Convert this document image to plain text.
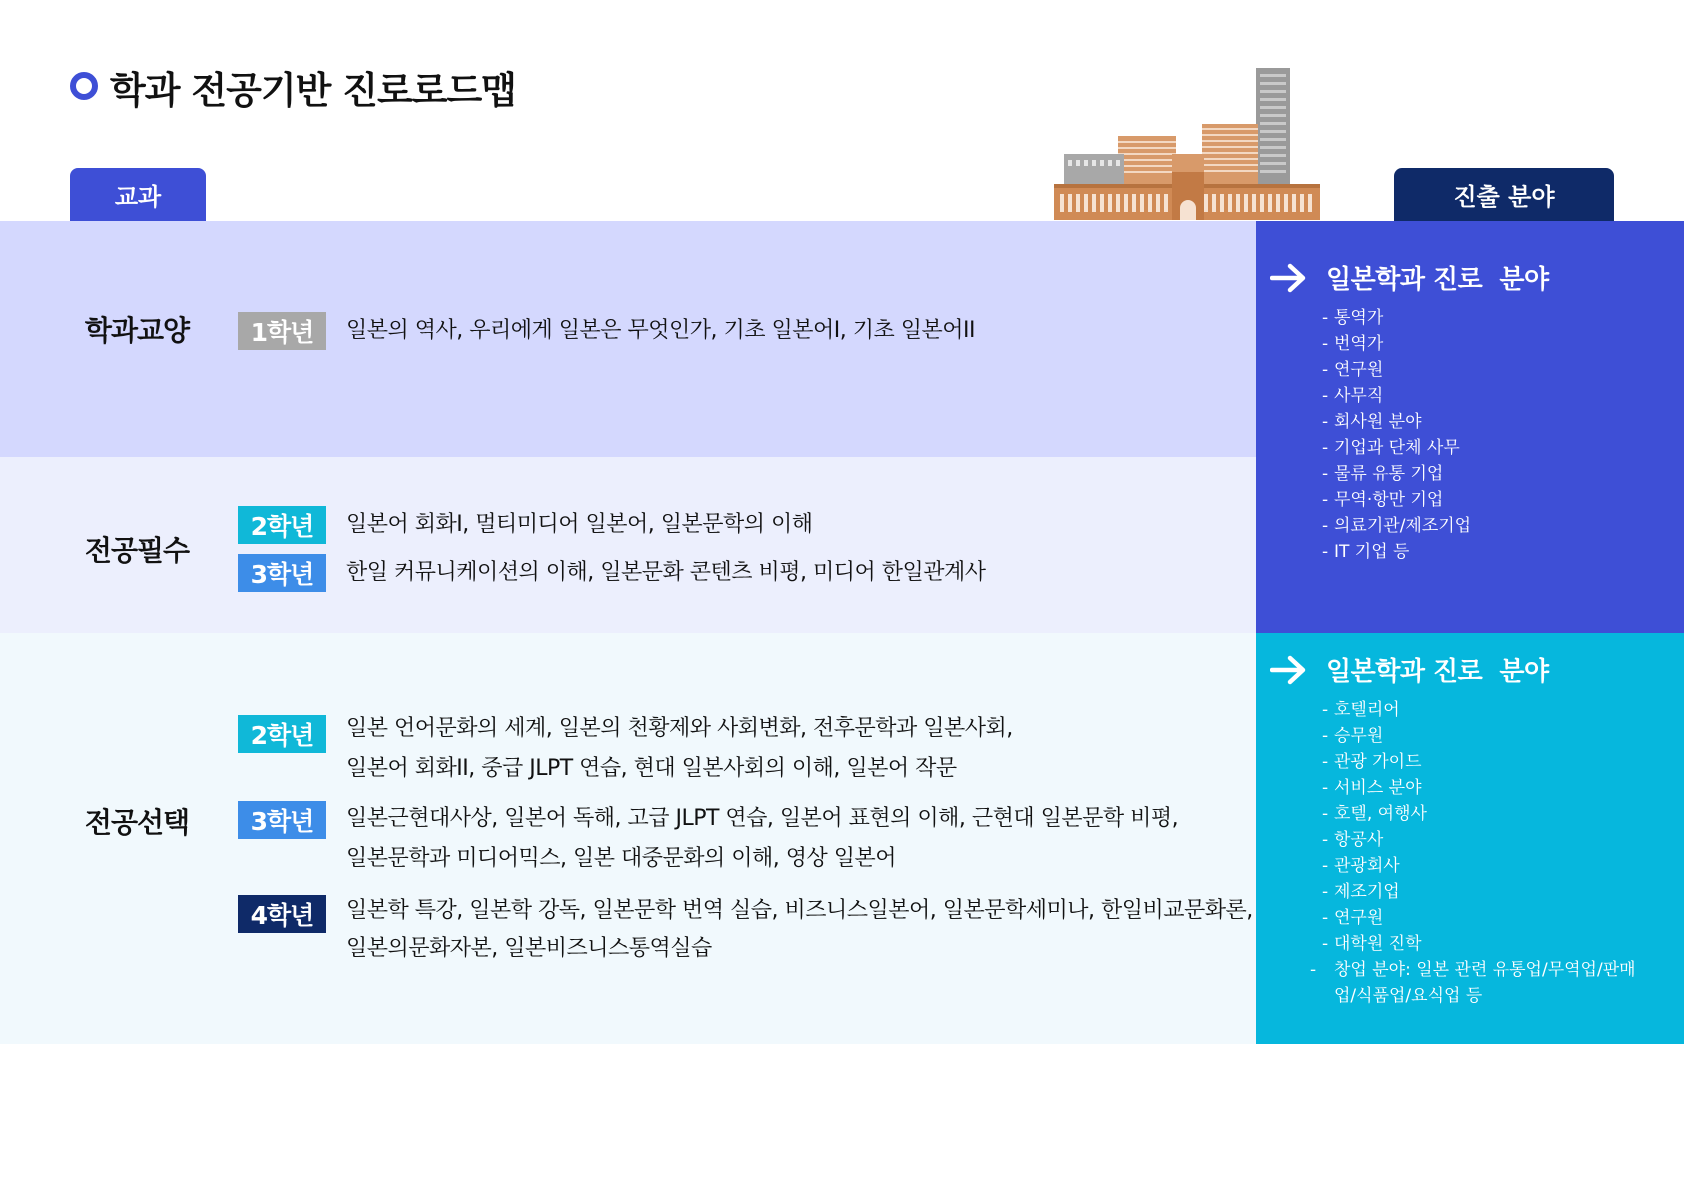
학과 전공기반 진로로드맵
교과	진출 분야
학과교양	1학년	일본의 역사, 우리에게 일본은 무엇인가, 기초 일본어I, 기초 일본어II
전공필수
2학년	일본어 회화I, 멀티미디어 일본어, 일본문학의 이해
3학년	한일 커뮤니케이션의 이해, 일본문화 콘텐츠 비평, 미디어 한일관계사
전공선택
2학년	일본 언어문화의 세계, 일본의 천황제와 사회변화, 전후문학과 일본사회,
일본어 회화II, 중급 JLPT 연습, 현대 일본사회의 이해, 일본어 작문
3학년	일본근현대사상, 일본어 독해, 고급 JLPT 연습, 일본어 표현의 이해, 근현대 일본문학 비평,
일본문학과 미디어믹스, 일본 대중문화의 이해, 영상 일본어
4학년	일본학 특강, 일본학 강독, 일본문학 번역 실습, 비즈니스일본어, 일본문학세미나, 한일비교문화론,
일본의문화자본, 일본비즈니스통역실습
일본학과 진로  분야
- 통역가
- 번역가
- 연구원
- 사무직
- 회사원 분야
- 기업과 단체 사무
- 물류 유통 기업
- 무역·항만 기업
- 의료기관/제조기업
- IT 기업 등
일본학과 진로  분야
- 호텔리어
- 승무원
- 관광 가이드
- 서비스 분야
- 호텔, 여행사
- 항공사
- 관광회사
- 제조기업
- 연구원
- 대학원 진학
- 창업 분야: 일본 관련 유통업/무역업/판매업/식품업/요식업 등
